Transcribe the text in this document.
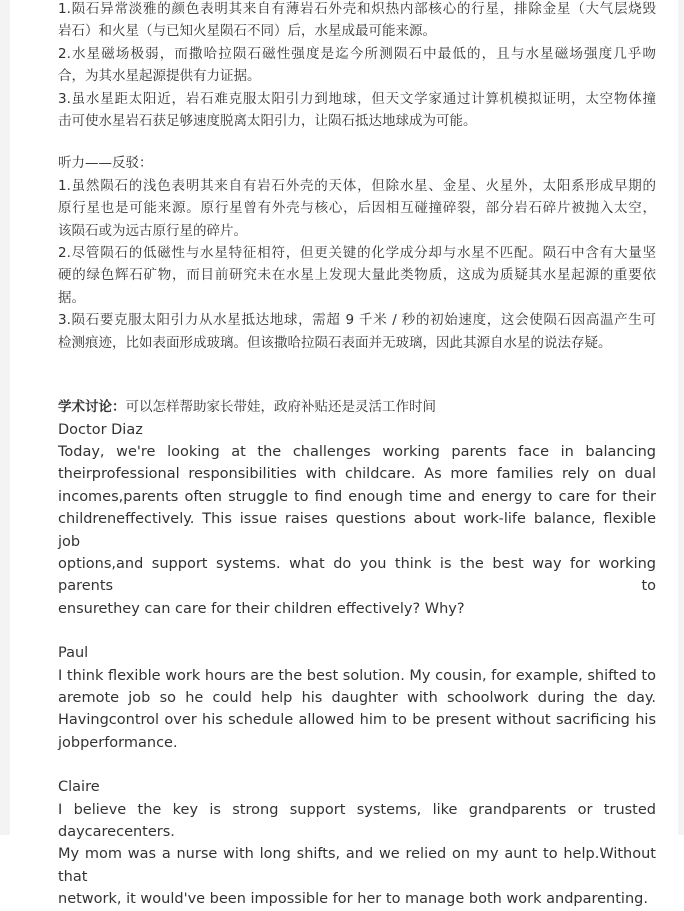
1.陨石异常淡雅的颜色表明其来自有薄岩石外壳和炽热内部核心的行星，排除金星（大气层烧毁
岩石）和火星（与已知火星陨石不同）后，水星成最可能来源。
2.水星磁场极弱，而撒哈拉陨石磁性强度是迄今所测陨石中最低的，且与水星磁场强度几乎吻
合，为其水星起源提供有力证据。
3.虽水星距太阳近，岩石难克服太阳引力到地球，但天文学家通过计算机模拟证明，太空物体撞
击可使水星岩石获足够速度脱离太阳引力，让陨石抵达地球成为可能。
听力——反驳：
1.虽然陨石的浅色表明其来自有岩石外壳的天体，但除水星、金星、火星外，太阳系形成早期的
原行星也是可能来源。原行星曾有外壳与核心，后因相互碰撞碎裂，部分岩石碎片被抛入太空，
该陨石或为远古原行星的碎片。
2.尽管陨石的低磁性与水星特征相符，但更关键的化学成分却与水星不匹配。陨石中含有大量坚
硬的绿色辉石矿物，而目前研究未在水星上发现大量此类物质，这成为质疑其水星起源的重要依
据。
3.陨石要克服太阳引力从水星抵达地球，需超 9 千米 / 秒的初始速度，这会使陨石因高温产生可
检测痕迹，比如表面形成玻璃。但该撒哈拉陨石表面并无玻璃，因此其源自水星的说法存疑。
学术讨论：可以怎样帮助家长带娃，政府补贴还是灵活工作时间
Doctor Diaz
Today, we're looking at the challenges working parents face in balancing
theirprofessional responsibilities with childcare. As more families rely on dual
incomes,parents often struggle to find enough time and energy to care for their
childreneffectively. This issue raises questions about work-life balance, flexible job
options,and support systems. what do you think is the best way for working parents to
ensurethey can care for their children effectively? Why?
Paul
I think flexible work hours are the best solution. My cousin, for example, shifted to
aremote job so he could help his daughter with schoolwork during the day.
Havingcontrol over his schedule allowed him to be present without sacrificing his
jobperformance.
Claire
I believe the key is strong support systems, like grandparents or trusted daycarecenters.
My mom was a nurse with long shifts, and we relied on my aunt to help.Without that
network, it would've been impossible for her to manage both work andparenting.
